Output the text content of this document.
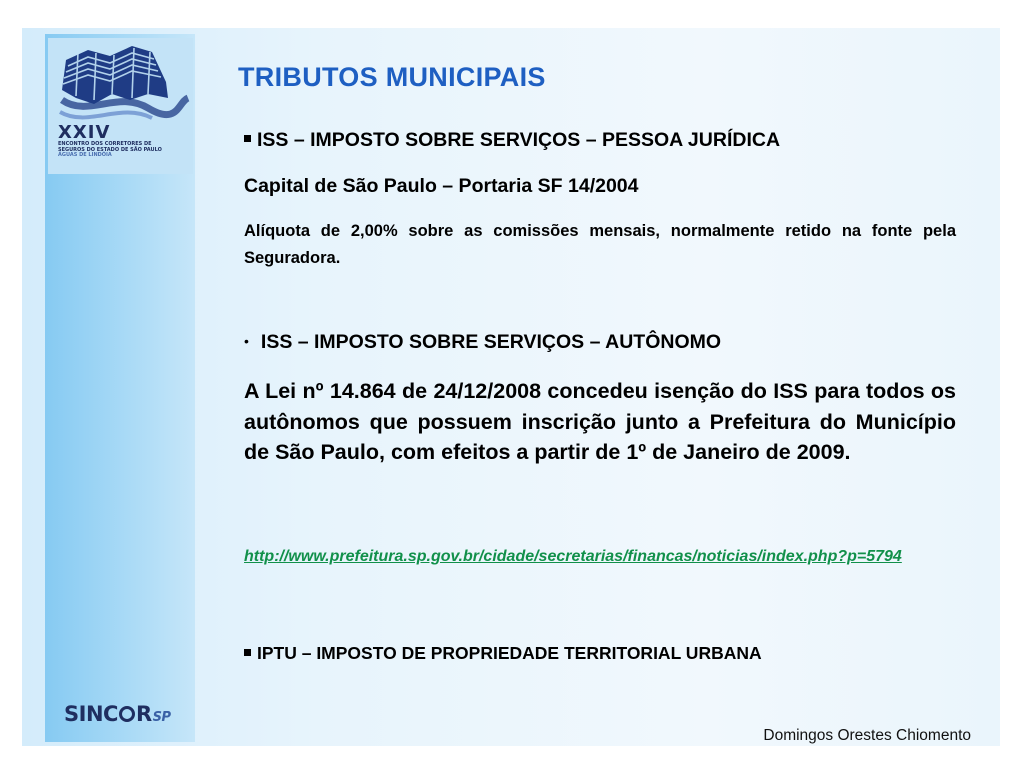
XXIV
ENCONTRO DOS CORRETORES DE
SEGUROS DO ESTADO DE SÃO PAULO
ÁGUAS DE LINDÓIA
SINC RSP
TRIBUTOS MUNICIPAIS
ISS – IMPOSTO SOBRE SERVIÇOS – PESSOA JURÍDICA
Capital de São Paulo – Portaria SF 14/2004
Alíquota de 2,00% sobre as comissões mensais, normalmente retido na fonte pela Seguradora.
• ISS – IMPOSTO SOBRE SERVIÇOS – AUTÔNOMO
A Lei nº 14.864 de 24/12/2008 concedeu isenção do ISS para todos os autônomos que possuem inscrição junto a Prefeitura do Município de São Paulo, com efeitos a partir de 1º de Janeiro de 2009.
http://www.prefeitura.sp.gov.br/cidade/secretarias/financas/noticias/index.php?p=5794
IPTU – IMPOSTO DE PROPRIEDADE TERRITORIAL URBANA
Domingos Orestes Chiomento
